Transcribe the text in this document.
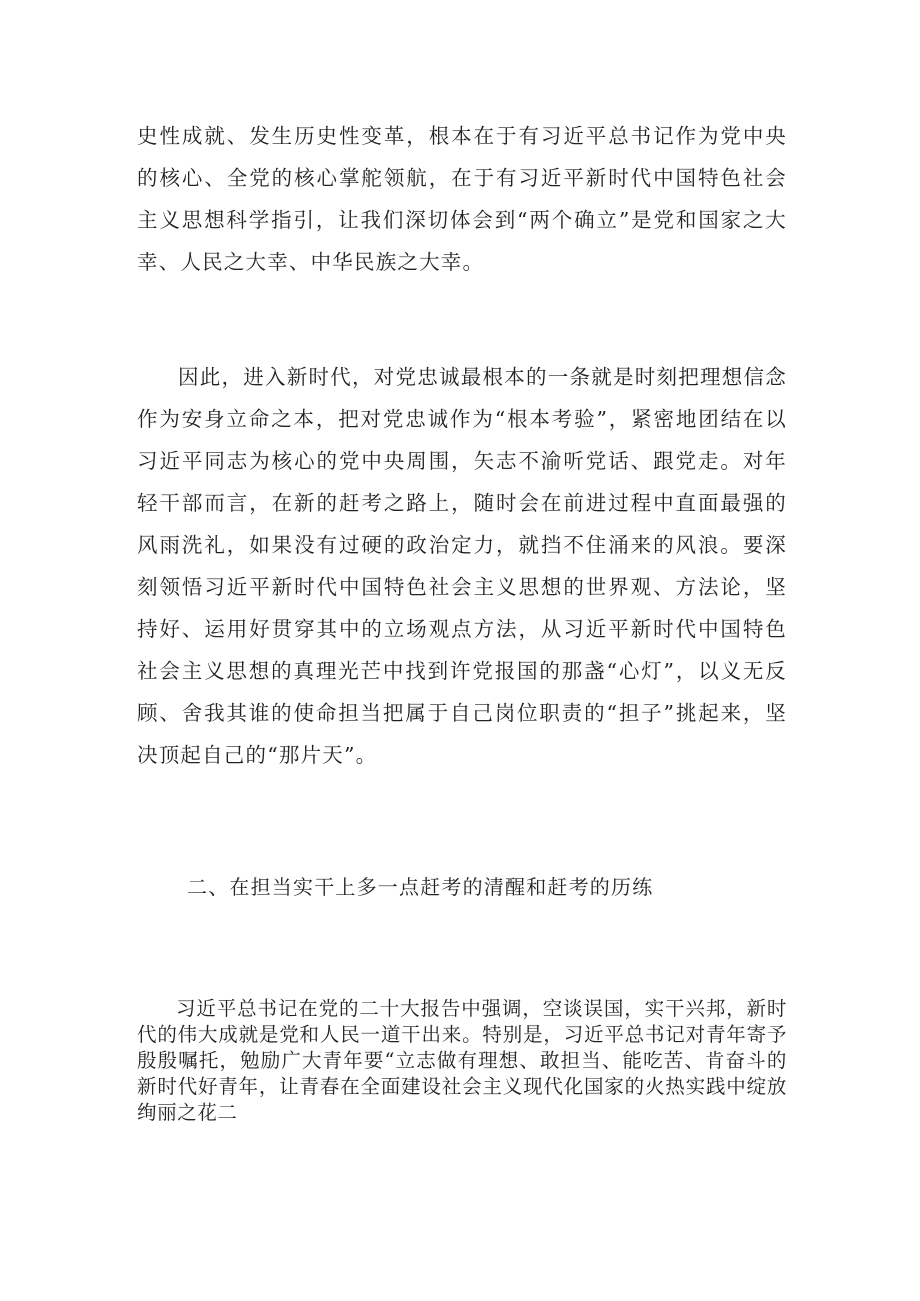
史性成就、发生历史性变革，根本在于有习近平总书记作为党中央的核心、全党的核心掌舵领航，在于有习近平新时代中国特色社会主义思想科学指引，让我们深切体会到“两个确立”是党和国家之大幸、人民之大幸、中华民族之大幸。

因此，进入新时代，对党忠诚最根本的一条就是时刻把理想信念作为安身立命之本，把对党忠诚作为“根本考验”，紧密地团结在以习近平同志为核心的党中央周围，矢志不渝听党话、跟党走。对年轻干部而言，在新的赶考之路上，随时会在前进过程中直面最强的风雨洗礼，如果没有过硬的政治定力，就挡不住涌来的风浪。要深刻领悟习近平新时代中国特色社会主义思想的世界观、方法论，坚持好、运用好贯穿其中的立场观点方法，从习近平新时代中国特色社会主义思想的真理光芒中找到许党报国的那盏“心灯”，以义无反顾、舍我其谁的使命担当把属于自己岗位职责的“担子”挑起来，坚决顶起自己的“那片天”。

二、在担当实干上多一点赶考的清醒和赶考的历练

习近平总书记在党的二十大报告中强调，空谈误国，实干兴邦，新时代的伟大成就是党和人民一道干出来。特别是，习近平总书记对青年寄予殷殷嘱托，勉励广大青年要“立志做有理想、敢担当、能吃苦、肯奋斗的新时代好青年，让青春在全面建设社会主义现代化国家的火热实践中绽放绚丽之花二
